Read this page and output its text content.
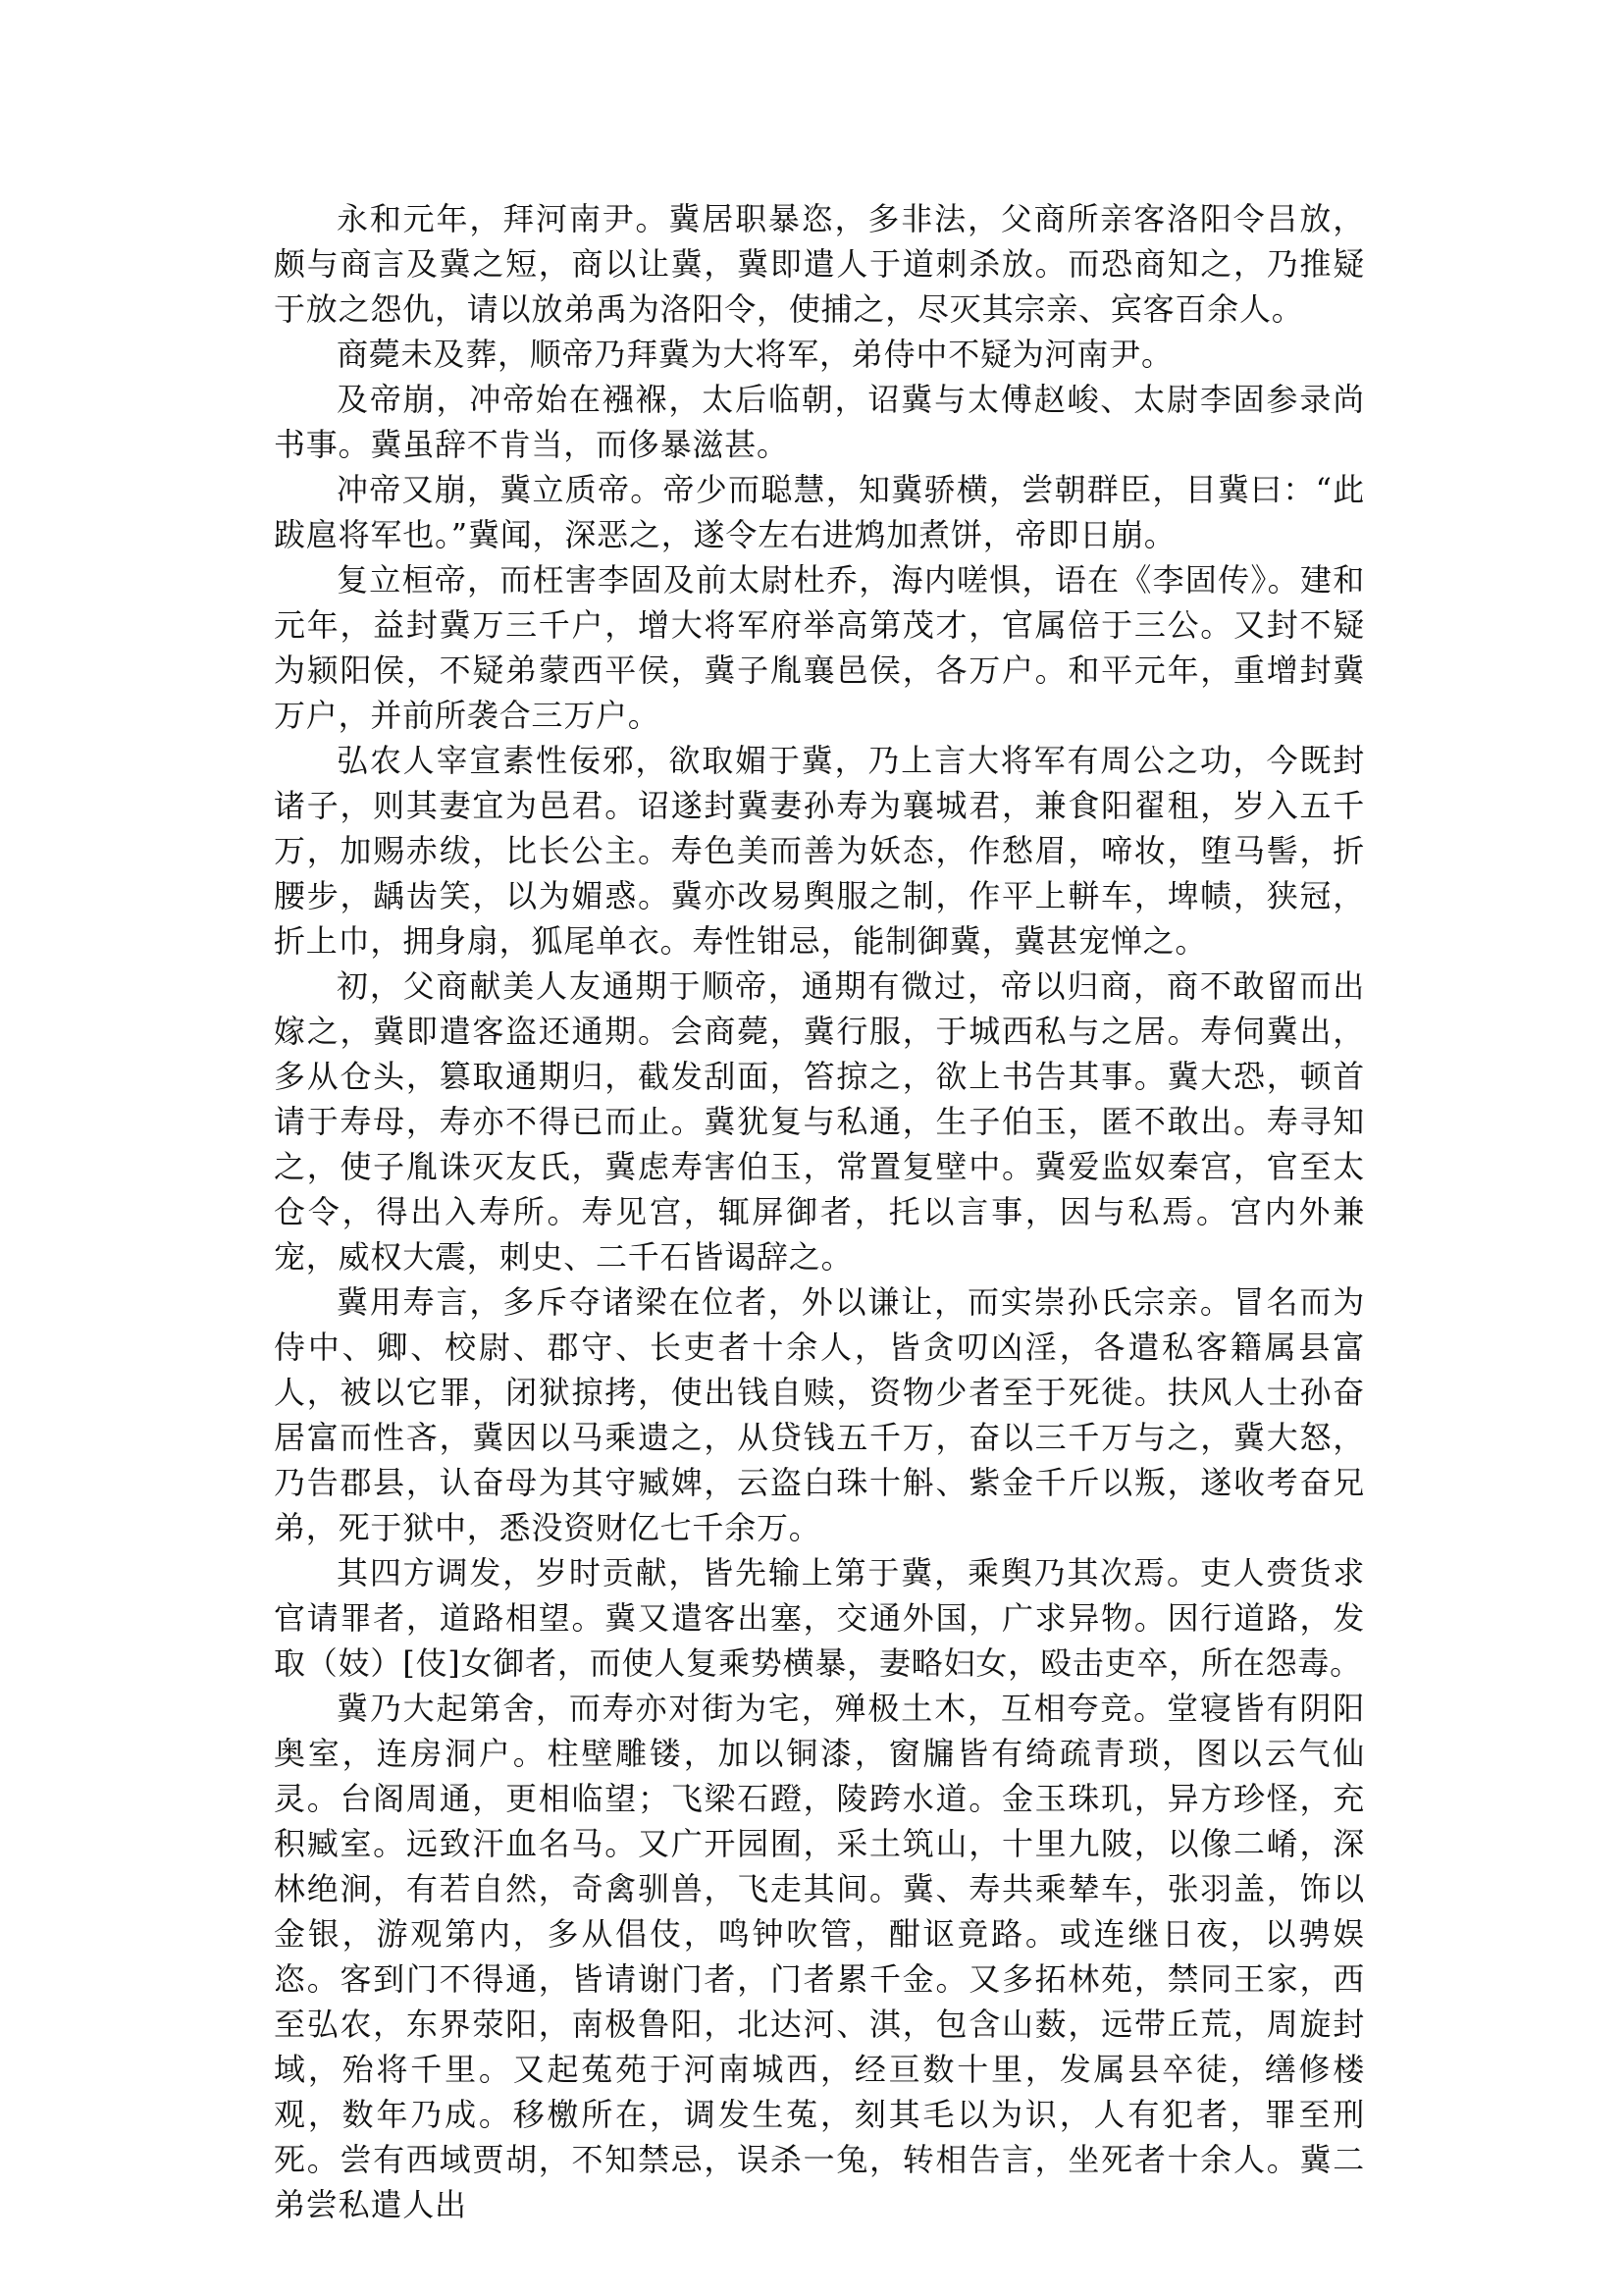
永和元年，拜河南尹。冀居职暴恣，多非法，父商所亲客洛阳令吕放，颇与商言及冀之短，商以让冀，冀即遣人于道刺杀放。而恐商知之，乃推疑于放之怨仇，请以放弟禹为洛阳令，使捕之，尽灭其宗亲、宾客百余人。

商薨未及葬，顺帝乃拜冀为大将军，弟侍中不疑为河南尹。

及帝崩，冲帝始在襁褓，太后临朝，诏冀与太傅赵峻、太尉李固参录尚书事。冀虽辞不肯当，而侈暴滋甚。

冲帝又崩，冀立质帝。帝少而聪慧，知冀骄横，尝朝群臣，目冀曰：“此跋扈将军也。”冀闻，深恶之，遂令左右进鸩加煮饼，帝即日崩。

复立桓帝，而枉害李固及前太尉杜乔，海内嗟惧，语在《李固传》。建和元年，益封冀万三千户，增大将军府举高第茂才，官属倍于三公。又封不疑为颍阳侯，不疑弟蒙西平侯，冀子胤襄邑侯，各万户。和平元年，重增封冀万户，并前所袭合三万户。

弘农人宰宣素性佞邪，欲取媚于冀，乃上言大将军有周公之功，今既封诸子，则其妻宜为邑君。诏遂封冀妻孙寿为襄城君，兼食阳翟租，岁入五千万，加赐赤绂，比长公主。寿色美而善为妖态，作愁眉，啼妆，堕马髻，折腰步，龋齿笑，以为媚惑。冀亦改易舆服之制，作平上軿车，埤帻，狭冠，折上巾，拥身扇，狐尾单衣。寿性钳忌，能制御冀，冀甚宠惮之。

初，父商献美人友通期于顺帝，通期有微过，帝以归商，商不敢留而出嫁之，冀即遣客盗还通期。会商薨，冀行服，于城西私与之居。寿伺冀出，多从仓头，篡取通期归，截发刮面，笞掠之，欲上书告其事。冀大恐，顿首请于寿母，寿亦不得已而止。冀犹复与私通，生子伯玉，匿不敢出。寿寻知之，使子胤诛灭友氏，冀虑寿害伯玉，常置复壁中。冀爱监奴秦宫，官至太仓令，得出入寿所。寿见宫，辄屏御者，托以言事，因与私焉。宫内外兼宠，威权大震，刺史、二千石皆谒辞之。

冀用寿言，多斥夺诸梁在位者，外以谦让，而实崇孙氏宗亲。冒名而为侍中、卿、校尉、郡守、长吏者十余人，皆贪叨凶淫，各遣私客籍属县富人，被以它罪，闭狱掠拷，使出钱自赎，资物少者至于死徙。扶风人士孙奋居富而性吝，冀因以马乘遗之，从贷钱五千万，奋以三千万与之，冀大怒，乃告郡县，认奋母为其守臧婢，云盗白珠十斛、紫金千斤以叛，遂收考奋兄弟，死于狱中，悉没资财亿七千余万。

其四方调发，岁时贡献，皆先输上第于冀，乘舆乃其次焉。吏人赍货求官请罪者，道路相望。冀又遣客出塞，交通外国，广求异物。因行道路，发取（妓）[伎]女御者，而使人复乘势横暴，妻略妇女，殴击吏卒，所在怨毒。

冀乃大起第舍，而寿亦对街为宅，殚极土木，互相夸竞。堂寝皆有阴阳奥室，连房洞户。柱壁雕镂，加以铜漆，窗牖皆有绮疏青琐，图以云气仙灵。台阁周通，更相临望；飞梁石蹬，陵跨水道。金玉珠玑，异方珍怪，充积臧室。远致汗血名马。又广开园囿，采土筑山，十里九陂，以像二崤，深林绝涧，有若自然，奇禽驯兽，飞走其间。冀、寿共乘辇车，张羽盖，饰以金银，游观第内，多从倡伎，鸣钟吹管，酣讴竟路。或连继日夜，以骋娱恣。客到门不得通，皆请谢门者，门者累千金。又多拓林苑，禁同王家，西至弘农，东界荥阳，南极鲁阳，北达河、淇，包含山薮，远带丘荒，周旋封域，殆将千里。又起菟苑于河南城西，经亘数十里，发属县卒徒，缮修楼观，数年乃成。移檄所在，调发生菟，刻其毛以为识，人有犯者，罪至刑死。尝有西域贾胡，不知禁忌，误杀一兔，转相告言，坐死者十余人。冀二弟尝私遣人出
